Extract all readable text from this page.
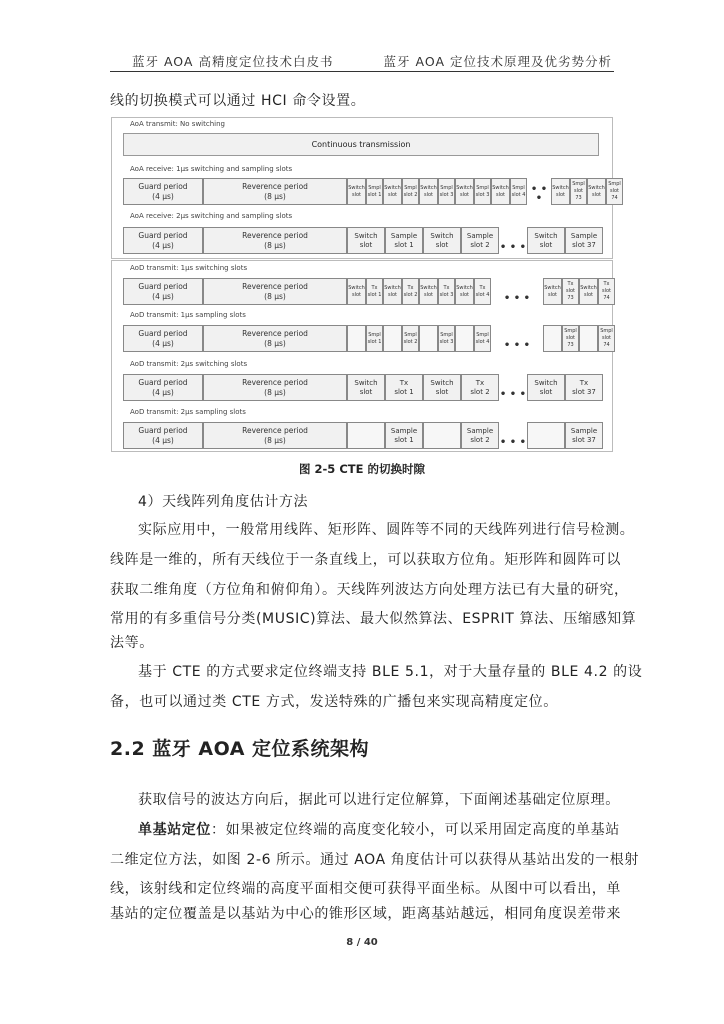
蓝牙 AOA 高精度定位技术白皮书	蓝牙 AOA 定位技术原理及优劣势分析
线的切换模式可以通过 HCI 命令设置。
AoA transmit: No switching
Continuous transmission
AoA receive: 1μs switching and sampling slots
Guard period
(4 μs)
Reverence period
(8 μs)
Switch
slot
Smpl
slot 1
Switch
slot
Smpl
slot 2
Switch
slot
Smpl
slot 3
Switch
slot
Smpl
slot 3
Switch
slot
Smpl
slot 4 • • •
Switch
slot
Smpl
slot
73
Switch
slot
Smpl
slot
74
AoA receive: 2μs switching and sampling slots
Guard period
(4 μs)
Reverence period
(8 μs)
Switch
slot
Sample
slot 1
Switch
slot
Sample
slot 2 • • •
Switch
slot
Sample
slot 37
AoD transmit: 1μs switching slots
Guard period
(4 μs)
Reverence period
(8 μs)
Switch
slot
Tx
slot 1
Switch
slot
Tx
slot 2
Switch
slot
Tx
slot 3
Switch
slot
Tx
slot 4 • • •
Switch
slot
Tx
slot
73
Switch
slot
Tx
slot
74
AoD transmit: 1μs sampling slots
Guard period
(4 μs)
Reverence period
(8 μs)
Smpl
slot 1
Smpl
slot 2
Smpl
slot 3
Smpl
slot 4 • • •
Smpl
slot
73
Smpl
slot
74
AoD transmit: 2μs switching slots
Guard period
(4 μs)
Reverence period
(8 μs)
Switch
slot
Tx
slot 1
Switch
slot
Tx
slot 2 • • •
Switch
slot
Tx
slot 37
AoD transmit: 2μs sampling slots
Guard period
(4 μs)
Reverence period
(8 μs)
Sample
slot 1
Sample
slot 2 • • •
Sample
slot 37
图 2-5 CTE 的切换时隙
4）天线阵列角度估计方法
实际应用中，一般常用线阵、矩形阵、圆阵等不同的天线阵列进行信号检测。
线阵是一维的，所有天线位于一条直线上，可以获取方位角。矩形阵和圆阵可以
获取二维角度（方位角和俯仰角）。天线阵列波达方向处理方法已有大量的研究，
常用的有多重信号分类(MUSIC)算法、最大似然算法、ESPRIT 算法、压缩感知算
法等。
基于 CTE 的方式要求定位终端支持 BLE 5.1，对于大量存量的 BLE 4.2 的设
备，也可以通过类 CTE 方式，发送特殊的广播包来实现高精度定位。
2.2 蓝牙 AOA 定位系统架构
获取信号的波达方向后，据此可以进行定位解算，下面阐述基础定位原理。
单基站定位：如果被定位终端的高度变化较小，可以采用固定高度的单基站
二维定位方法，如图 2-6 所示。通过 AOA 角度估计可以获得从基站出发的一根射
线，该射线和定位终端的高度平面相交便可获得平面坐标。从图中可以看出，单
基站的定位覆盖是以基站为中心的锥形区域，距离基站越远，相同角度误差带来
8 / 40
